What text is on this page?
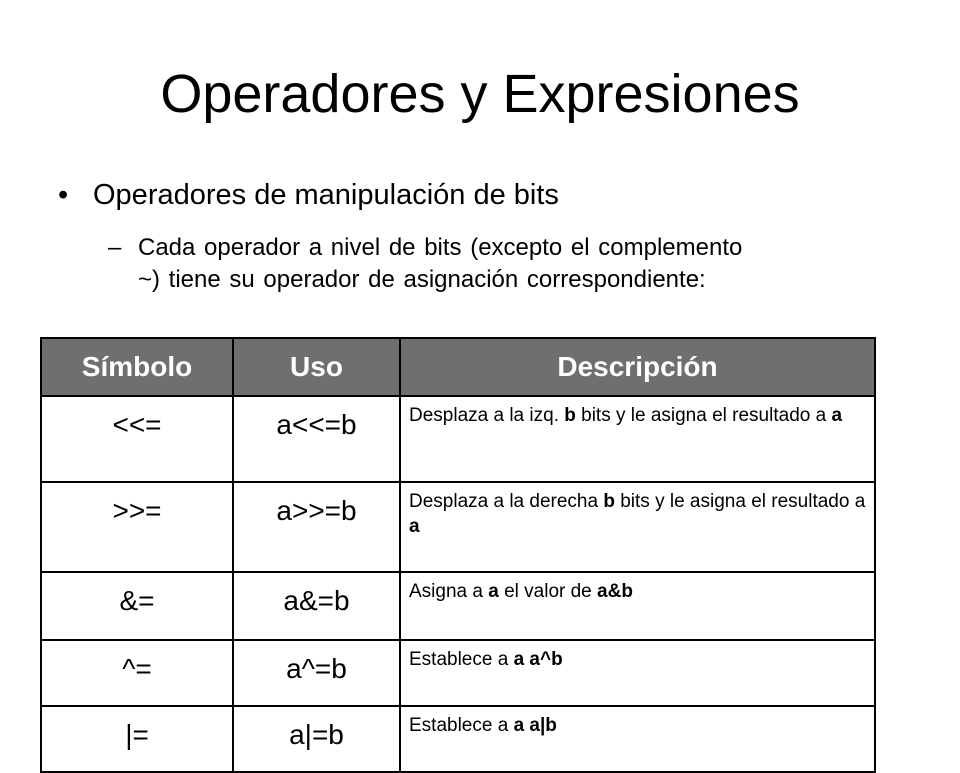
Operadores y Expresiones
• Operadores de manipulación de bits
– Cada operador a nivel de bits (excepto el complemento
~) tiene su operador de asignación correspondiente:
Símbolo	Uso	Descripción
<<=	a<<=b	Desplaza a la izq. b bits y le asigna el resultado a a
>>=	a>>=b	Desplaza a la derecha b bits y le asigna el resultado a a
&=	a&=b	Asigna a a el valor de a&b
^=	a^=b	Establece a a a^b
|=	a|=b	Establece a a a|b
